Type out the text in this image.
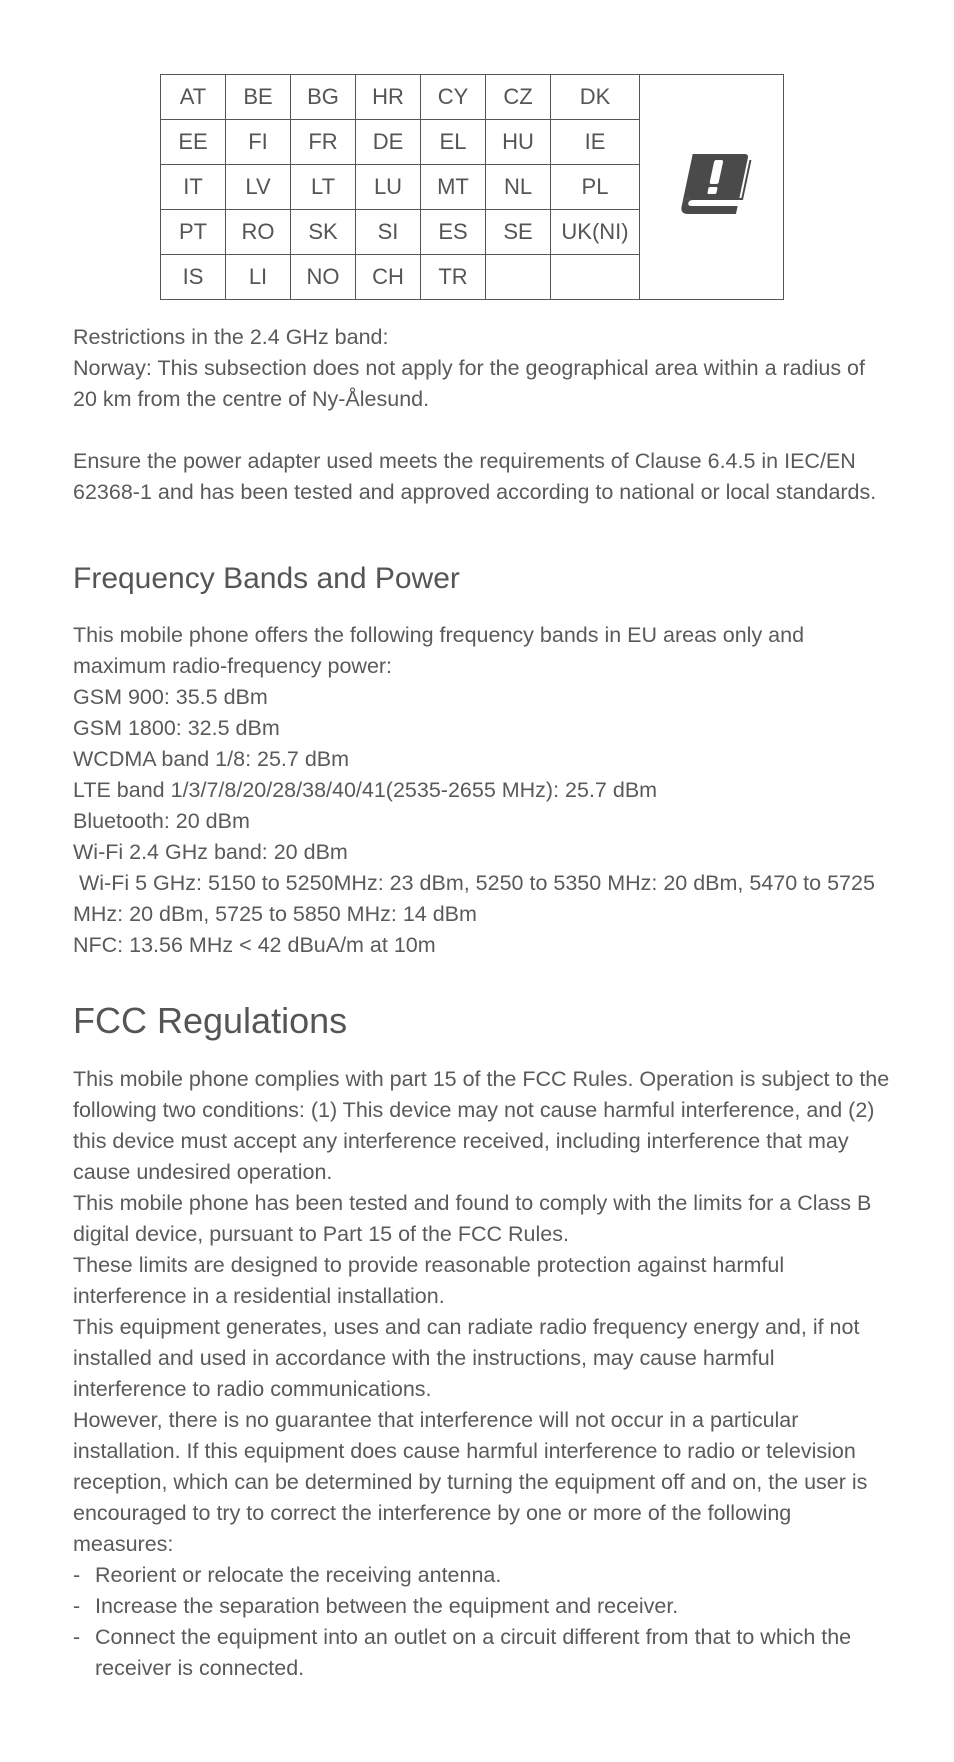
AT	BE	BG	HR	CY	CZ	DK	
EE	FI	FR	DE	EL	HU	IE	
IT	LV	LT	LU	MT	NL	PL	
PT	RO	SK	SI	ES	SE	UK(NI)	
IS	LI	NO	CH	TR			

Restrictions in the 2.4 GHz band:

Norway: This subsection does not apply for the geographical area within a radius of 20 km from the centre of Ny-Ålesund.

Ensure the power adapter used meets the requirements of Clause 6.4.5 in IEC/EN 62368-1 and has been tested and approved according to national or local standards.

Frequency Bands and Power

This mobile phone offers the following frequency bands in EU areas only and maximum radio-frequency power:

GSM 900: 35.5 dBm

GSM 1800: 32.5 dBm

WCDMA band 1/8: 25.7 dBm

LTE band 1/3/7/8/20/28/38/40/41(2535-2655 MHz): 25.7 dBm

Bluetooth: 20 dBm

Wi-Fi 2.4 GHz band: 20 dBm

Wi-Fi 5 GHz: 5150 to 5250MHz: 23 dBm, 5250 to 5350 MHz: 20 dBm, 5470 to 5725 MHz: 20 dBm, 5725 to 5850 MHz: 14 dBm

NFC: 13.56 MHz < 42 dBuA/m at 10m

FCC Regulations

This mobile phone complies with part 15 of the FCC Rules. Operation is subject to the following two conditions: (1) This device may not cause harmful interference, and (2) this device must accept any interference received, including interference that may cause undesired operation.

This mobile phone has been tested and found to comply with the limits for a Class B digital device, pursuant to Part 15 of the FCC Rules.

These limits are designed to provide reasonable protection against harmful interference in a residential installation.

This equipment generates, uses and can radiate radio frequency energy and, if not installed and used in accordance with the instructions, may cause harmful interference to radio communications.

However, there is no guarantee that interference will not occur in a particular installation. If this equipment does cause harmful interference to radio or television reception, which can be determined by turning the equipment off and on, the user is encouraged to try to correct the interference by one or more of the following measures:

- Reorient or relocate the receiving antenna.
- Increase the separation between the equipment and receiver.
- Connect the equipment into an outlet on a circuit different from that to which the receiver is connected.
